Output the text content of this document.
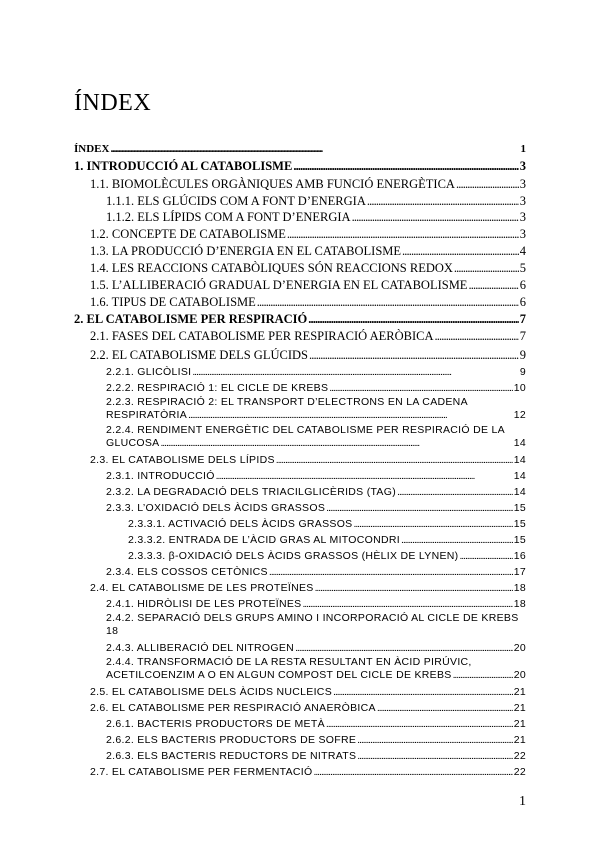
ÍNDEX
ÍNDEX . . .	1
1. INTRODUCCIÓ AL CATABOLISME . . .	3
1.1. BIOMOLÈCULES ORGÀNIQUES AMB FUNCIÓ ENERGÈTICA . . .	3
1.1.1. ELS GLÚCIDS COM A FONT D’ENERGIA . . .	3
1.1.2. ELS LÍPIDS COM A FONT D’ENERGIA . . .	3
1.2. CONCEPTE DE CATABOLISME . . .	3
1.3. LA PRODUCCIÓ D’ENERGIA EN EL CATABOLISME . . .	4
1.4. LES REACCIONS CATABÒLIQUES SÓN REACCIONS REDOX . . .	5
1.5. L’ALLIBERACIÓ GRADUAL D’ENERGIA EN EL CATABOLISME . . .	6
1.6. TIPUS DE CATABOLISME . . .	6
2. EL CATABOLISME PER RESPIRACIÓ . . .	7
2.1. FASES DEL CATABOLISME PER RESPIRACIÓ AERÒBICA . . .	7
2.2. EL CATABOLISME DELS GLÚCIDS . . .	9
2.2.1. GLICÒLISI . . .	9
2.2.2. RESPIRACIÓ 1: EL CICLE DE KREBS . . .	10
2.2.3. RESPIRACIÓ 2: EL TRANSPORT D’ELECTRONS EN LA CADENA
RESPIRATÒRIA . . .	12
2.2.4. RENDIMENT ENERGÈTIC DEL CATABOLISME PER RESPIRACIÓ DE LA
GLUCOSA . . .	14
2.3. EL CATABOLISME DELS LÍPIDS . . .	14
2.3.1. INTRODUCCIÓ . . .	14
2.3.2. LA DEGRADACIÓ DELS TRIACILGLICÈRIDS (TAG) . . .	14
2.3.3. L’OXIDACIÓ DELS ÀCIDS GRASSOS . . .	15
2.3.3.1. ACTIVACIÓ DELS ÀCIDS GRASSOS . . .	15
2.3.3.2. ENTRADA DE L’ÀCID GRAS AL MITOCONDRI . . .	15
2.3.3.3. β-OXIDACIÓ DELS ÀCIDS GRASSOS (HÈLIX DE LYNEN) . . .	16
2.3.4. ELS COSSOS CETÒNICS . . .	17
2.4. EL CATABOLISME DE LES PROTEÏNES . . .	18
2.4.1. HIDRÒLISI DE LES PROTEÏNES . . .	18
2.4.2. SEPARACIÓ DELS GRUPS AMINO I INCORPORACIÓ AL CICLE DE KREBS
18
2.4.3. ALLIBERACIÓ DEL NITROGEN . . .	20
2.4.4. TRANSFORMACIÓ DE LA RESTA RESULTANT EN ÀCID PIRÚVIC,
ACETILCOENZIM A O EN ALGUN COMPOST DEL CICLE DE KREBS . . .	20
2.5. EL CATABOLISME DELS ÀCIDS NUCLEICS . . .	21
2.6. EL CATABOLISME PER RESPIRACIÓ ANAERÒBICA . . .	21
2.6.1. BACTERIS PRODUCTORS DE METÀ . . .	21
2.6.2. ELS BACTERIS PRODUCTORS DE SOFRE . . .	21
2.6.3. ELS BACTERIS REDUCTORS DE NITRATS . . .	22
2.7. EL CATABOLISME PER FERMENTACIÓ . . .	22
1
